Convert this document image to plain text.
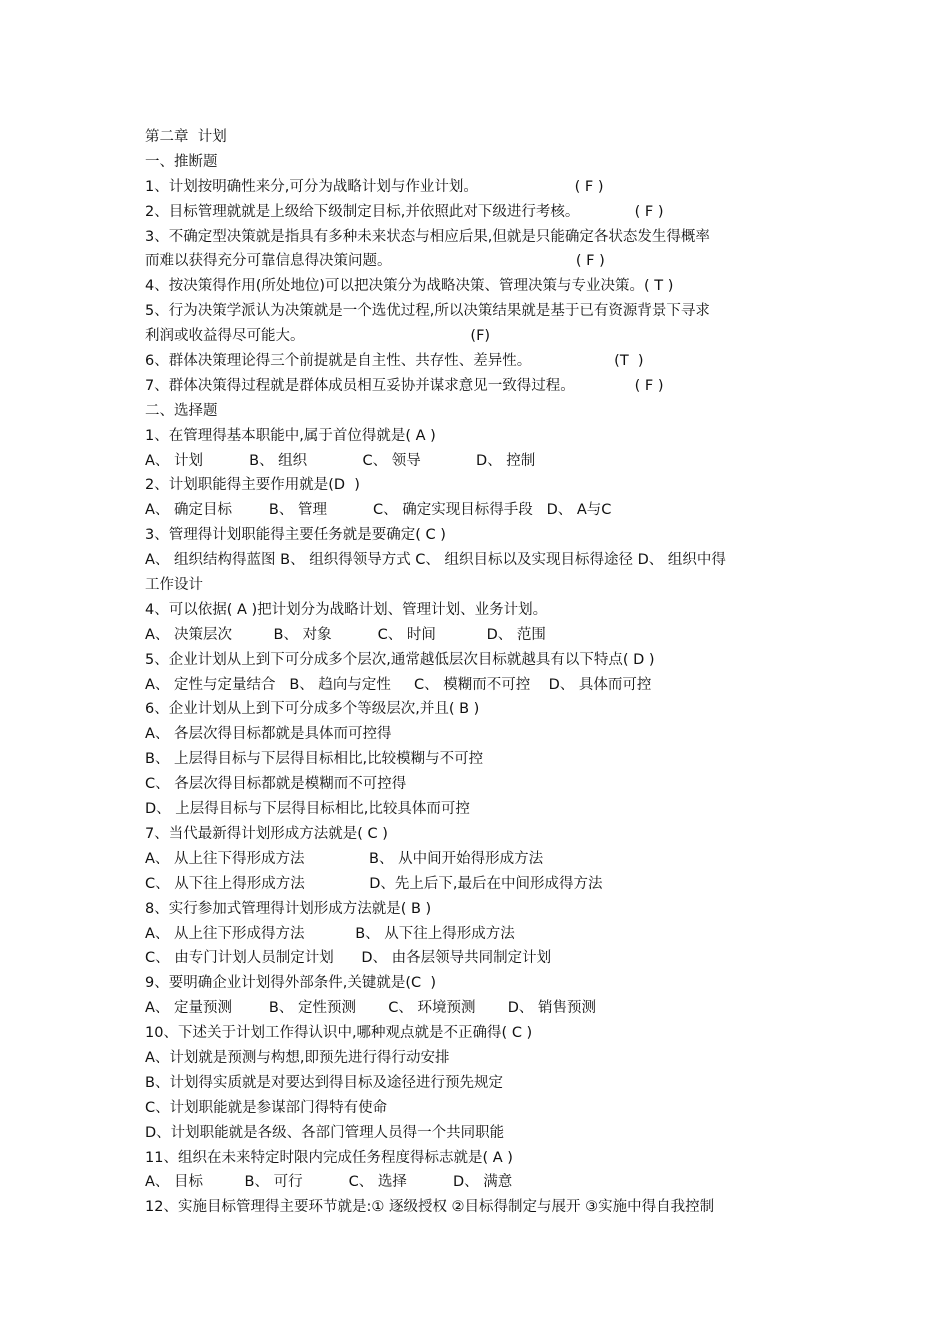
第二章  计划
一、推断题
1、计划按明确性来分,可分为战略计划与作业计划。                     ( F )
2、目标管理就就是上级给下级制定目标,并依照此对下级进行考核。            ( F )
3、不确定型决策就是指具有多种未来状态与相应后果,但就是只能确定各状态发生得概率
而难以获得充分可靠信息得决策问题。                                        ( F )
4、按决策得作用(所处地位)可以把决策分为战略决策、管理决策与专业决策。( T )
5、行为决策学派认为决策就是一个选优过程,所以决策结果就是基于已有资源背景下寻求
利润或收益得尽可能大。                                    (F)
6、群体决策理论得三个前提就是自主性、共存性、差异性。                  (T  )
7、群体决策得过程就是群体成员相互妥协并谋求意见一致得过程。             ( F )
二、选择题
1、在管理得基本职能中,属于首位得就是( A )
A、 计划          B、 组织            C、 领导            D、 控制
2、计划职能得主要作用就是(D  )
A、 确定目标        B、 管理          C、 确定实现目标得手段   D、 A与C
3、管理得计划职能得主要任务就是要确定( C )
A、 组织结构得蓝图 B、 组织得领导方式 C、 组织目标以及实现目标得途径 D、 组织中得
工作设计
4、可以依据( A )把计划分为战略计划、管理计划、业务计划。
A、 决策层次         B、 对象          C、 时间           D、 范围
5、企业计划从上到下可分成多个层次,通常越低层次目标就越具有以下特点( D )
A、 定性与定量结合   B、 趋向与定性     C、 模糊而不可控    D、 具体而可控
6、企业计划从上到下可分成多个等级层次,并且( B )
A、 各层次得目标都就是具体而可控得
B、 上层得目标与下层得目标相比,比较模糊与不可控
C、 各层次得目标都就是模糊而不可控得
D、 上层得目标与下层得目标相比,比较具体而可控
7、当代最新得计划形成方法就是( C )
A、 从上往下得形成方法              B、 从中间开始得形成方法
C、 从下往上得形成方法              D、先上后下,最后在中间形成得方法
8、实行参加式管理得计划形成方法就是( B )
A、 从上往下形成得方法           B、 从下往上得形成方法
C、 由专门计划人员制定计划      D、 由各层领导共同制定计划
9、要明确企业计划得外部条件,关键就是(C  )
A、 定量预测        B、 定性预测       C、 环境预测       D、 销售预测
10、下述关于计划工作得认识中,哪种观点就是不正确得( C )
A、计划就是预测与构想,即预先进行得行动安排
B、计划得实质就是对要达到得目标及途径进行预先规定
C、计划职能就是参谋部门得特有使命
D、计划职能就是各级、各部门管理人员得一个共同职能
11、组织在未来特定时限内完成任务程度得标志就是( A )
A、 目标         B、 可行          C、 选择          D、 满意
12、实施目标管理得主要环节就是:① 逐级授权 ②目标得制定与展开 ③实施中得自我控制
